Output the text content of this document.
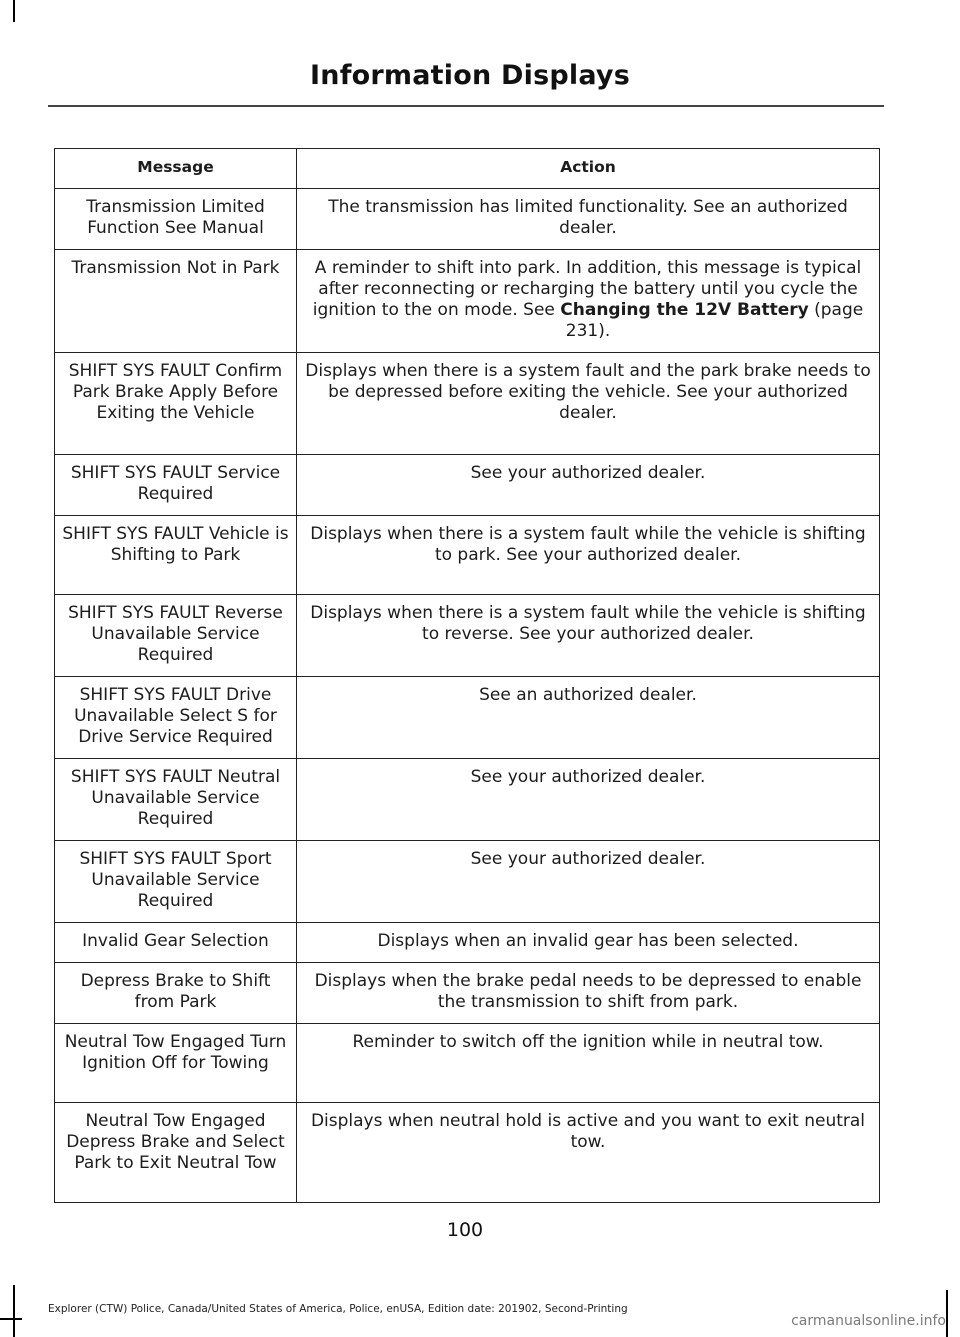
Information Displays
Message	Action
Transmission Limited Function See Manual	The transmission has limited functionality. See an authorized dealer.
Transmission Not in Park	A reminder to shift into park. In addition, this message is typical after reconnecting or recharging the battery until you cycle the ignition to the on mode. See Changing the 12V Battery (page 231).
SHIFT SYS FAULT Confirm Park Brake Apply Before Exiting the Vehicle	Displays when there is a system fault and the park brake needs to be depressed before exiting the vehicle. See your authorized dealer.
SHIFT SYS FAULT Service Required	See your authorized dealer.
SHIFT SYS FAULT Vehicle is Shifting to Park	Displays when there is a system fault while the vehicle is shifting to park. See your authorized dealer.
SHIFT SYS FAULT Reverse Unavailable Service Required	Displays when there is a system fault while the vehicle is shifting to reverse. See your authorized dealer.
SHIFT SYS FAULT Drive Unavailable Select S for Drive Service Required	See an authorized dealer.
SHIFT SYS FAULT Neutral Unavailable Service Required	See your authorized dealer.
SHIFT SYS FAULT Sport Unavailable Service Required	See your authorized dealer.
Invalid Gear Selection	Displays when an invalid gear has been selected.
Depress Brake to Shift from Park	Displays when the brake pedal needs to be depressed to enable the transmission to shift from park.
Neutral Tow Engaged Turn Ignition Off for Towing	Reminder to switch off the ignition while in neutral tow.
Neutral Tow Engaged Depress Brake and Select Park to Exit Neutral Tow	Displays when neutral hold is active and you want to exit neutral tow.
100
Explorer (CTW) Police, Canada/United States of America, Police, enUSA, Edition date: 201902, Second-Printing
carmanualsonline.info
